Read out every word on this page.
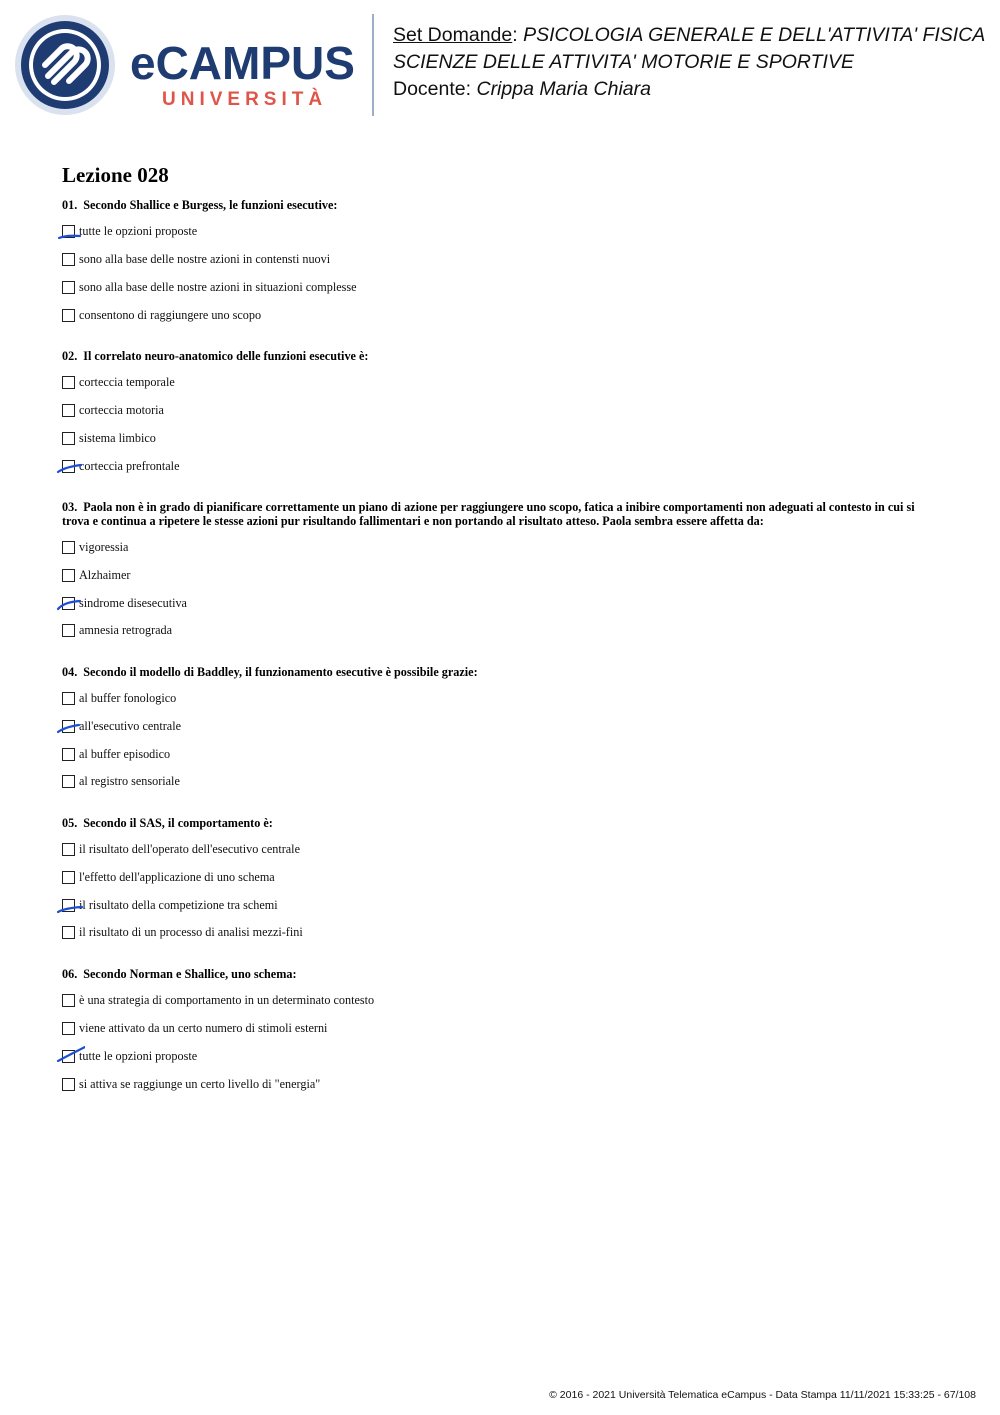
eCAMPUS
UNIVERSITÀ
Set Domande: PSICOLOGIA GENERALE E DELL'ATTIVITA' FISICA
SCIENZE DELLE ATTIVITA' MOTORIE E SPORTIVE
Docente: Crippa Maria Chiara
Lezione 028
01. Secondo Shallice e Burgess, le funzioni esecutive:
tutte le opzioni proposte
sono alla base delle nostre azioni in contensti nuovi
sono alla base delle nostre azioni in situazioni complesse
consentono di raggiungere uno scopo
02. Il correlato neuro-anatomico delle funzioni esecutive è:
corteccia temporale
corteccia motoria
sistema limbico
corteccia prefrontale
03. Paola non è in grado di pianificare correttamente un piano di azione per raggiungere uno scopo, fatica a inibire comportamenti non adeguati al contesto in cui si trova e continua a ripetere le stesse azioni pur risultando fallimentari e non portando al risultato atteso. Paola sembra essere affetta da:
vigoressia
Alzhaimer
sindrome disesecutiva
amnesia retrograda
04. Secondo il modello di Baddley, il funzionamento esecutive è possibile grazie:
al buffer fonologico
all'esecutivo centrale
al buffer episodico
al registro sensoriale
05. Secondo il SAS, il comportamento è:
il risultato dell'operato dell'esecutivo centrale
l'effetto dell'applicazione di uno schema
il risultato della competizione tra schemi
il risultato di un processo di analisi mezzi-fini
06. Secondo Norman e Shallice, uno schema:
è una strategia di comportamento in un determinato contesto
viene attivato da un certo numero di stimoli esterni
tutte le opzioni proposte
si attiva se raggiunge un certo livello di "energia"
© 2016 - 2021 Università Telematica eCampus - Data Stampa 11/11/2021 15:33:25 - 67/108
